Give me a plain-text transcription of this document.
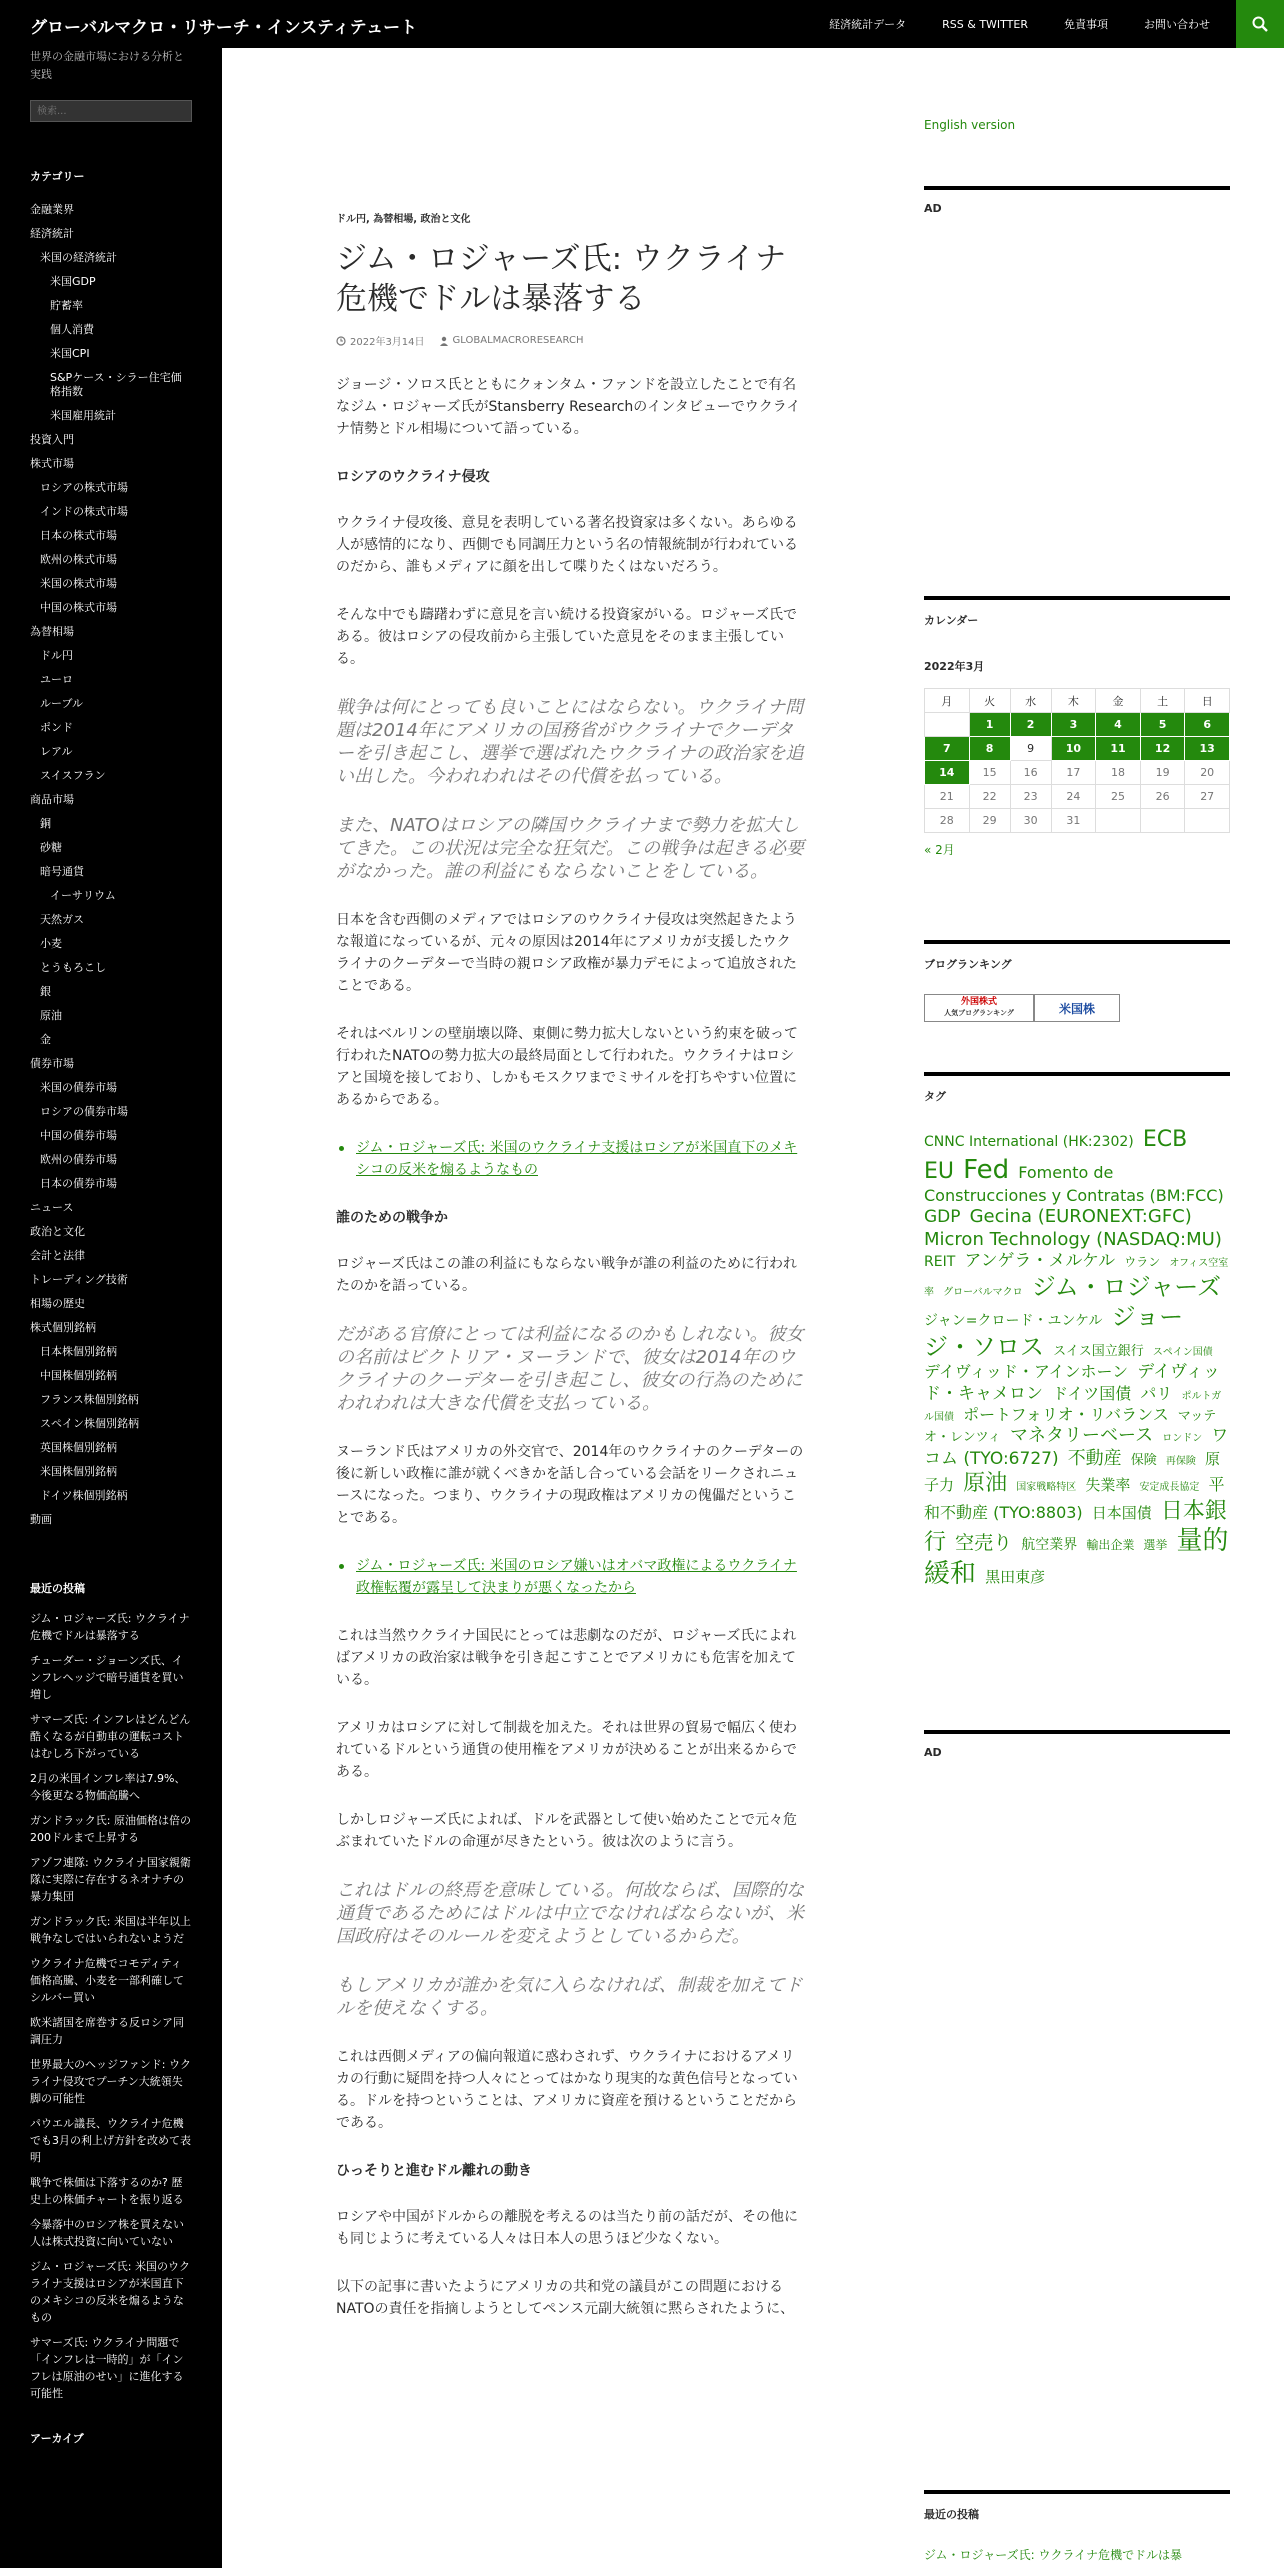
グローバルマクロ・リサーチ・インスティテュート	経済統計データ	RSS & TWITTER	免責事項	お問い合わせ
世界の金融市場における分析と実践
検索...
カテゴリー
金融業界
経済統計
米国の経済統計
米国GDP
貯蓄率
個人消費
米国CPI
S&Pケース・シラー住宅価格指数
米国雇用統計
投資入門
株式市場
ロシアの株式市場
インドの株式市場
日本の株式市場
欧州の株式市場
米国の株式市場
中国の株式市場
為替相場
ドル円
ユーロ
ルーブル
ポンド
レアル
スイスフラン
商品市場
銅
砂糖
暗号通貨
イーサリウム
天然ガス
小麦
とうもろこし
銀
原油
金
債券市場
米国の債券市場
ロシアの債券市場
中国の債券市場
欧州の債券市場
日本の債券市場
ニュース
政治と文化
会計と法律
トレーディング技術
相場の歴史
株式個別銘柄
日本株個別銘柄
中国株個別銘柄
フランス株個別銘柄
スペイン株個別銘柄
英国株個別銘柄
米国株個別銘柄
ドイツ株個別銘柄
動画
最近の投稿
ジム・ロジャーズ氏: ウクライナ危機でドルは暴落する
チューダー・ジョーンズ氏、インフレヘッジで暗号通貨を買い増し
サマーズ氏: インフレはどんどん酷くなるが自動車の運転コストはむしろ下がっている
2月の米国インフレ率は7.9%、今後更なる物価高騰へ
ガンドラック氏: 原油価格は倍の200ドルまで上昇する
アゾフ連隊: ウクライナ国家親衛隊に実際に存在するネオナチの暴力集団
ガンドラック氏: 米国は半年以上戦争なしではいられないようだ
ウクライナ危機でコモディティ価格高騰、小麦を一部利確してシルバー買い
欧米諸国を席巻する反ロシア同調圧力
世界最大のヘッジファンド: ウクライナ侵攻でプーチン大統領失脚の可能性
パウエル議長、ウクライナ危機でも3月の利上げ方針を改めて表明
戦争で株価は下落するのか? 歴史上の株価チャートを振り返る
今暴落中のロシア株を買えない人は株式投資に向いていない
ジム・ロジャーズ氏: 米国のウクライナ支援はロシアが米国直下のメキシコの反米を煽るようなもの
サマーズ氏: ウクライナ問題で「インフレは一時的」が「インフレは原油のせい」に進化する可能性
アーカイブ
ドル円, 為替相場, 政治と文化
ジム・ロジャーズ氏: ウクライナ危機でドルは暴落する
2022年3月14日	GLOBALMACRORESEARCH
ジョージ・ソロス氏とともにクォンタム・ファンドを設立したことで有名なジム・ロジャーズ氏がStansberry Researchのインタビューでウクライナ情勢とドル相場について語っている。
ロシアのウクライナ侵攻
ウクライナ侵攻後、意見を表明している著名投資家は多くない。あらゆる人が感情的になり、西側でも同調圧力という名の情報統制が行われているのだから、誰もメディアに顔を出して喋りたくはないだろう。
そんな中でも躊躇わずに意見を言い続ける投資家がいる。ロジャーズ氏である。彼はロシアの侵攻前から主張していた意見をそのまま主張している。
戦争は何にとっても良いことにはならない。ウクライナ問題は2014年にアメリカの国務省がウクライナでクーデターを引き起こし、選挙で選ばれたウクライナの政治家を追い出した。今われわれはその代償を払っている。
また、NATOはロシアの隣国ウクライナまで勢力を拡大してきた。この状況は完全な狂気だ。この戦争は起きる必要がなかった。誰の利益にもならないことをしている。
日本を含む西側のメディアではロシアのウクライナ侵攻は突然起きたような報道になっているが、元々の原因は2014年にアメリカが支援したウクライナのクーデターで当時の親ロシア政権が暴力デモによって追放されたことである。
それはベルリンの壁崩壊以降、東側に勢力拡大しないという約束を破って行われたNATOの勢力拡大の最終局面として行われた。ウクライナはロシアと国境を接しており、しかもモスクワまでミサイルを打ちやすい位置にあるからである。
ジム・ロジャーズ氏: 米国のウクライナ支援はロシアが米国直下のメキシコの反米を煽るようなもの
誰のための戦争か
ロジャーズ氏はこの誰の利益にもならない戦争が誰の利益のために行われたのかを語っている。
だがある官僚にとっては利益になるのかもしれない。彼女の名前はビクトリア・ヌーランドで、彼女は2014年のウクライナのクーデターを引き起こし、彼女の行為のためにわれわれは大きな代償を支払っている。
ヌーランド氏はアメリカの外交官で、2014年のウクライナのクーデターの後に新しい政権に誰が就くべきかを話し合っている会話をリークされニュースになった。つまり、ウクライナの現政権はアメリカの傀儡だということである。
ジム・ロジャーズ氏: 米国のロシア嫌いはオバマ政権によるウクライナ政権転覆が露呈して決まりが悪くなったから
これは当然ウクライナ国民にとっては悲劇なのだが、ロジャーズ氏によればアメリカの政治家は戦争を引き起こすことでアメリカにも危害を加えている。
アメリカはロシアに対して制裁を加えた。それは世界の貿易で幅広く使われているドルという通貨の使用権をアメリカが決めることが出来るからである。
しかしロジャーズ氏によれば、ドルを武器として使い始めたことで元々危ぶまれていたドルの命運が尽きたという。彼は次のように言う。
これはドルの終焉を意味している。何故ならば、国際的な通貨であるためにはドルは中立でなければならないが、米国政府はそのルールを変えようとしているからだ。
もしアメリカが誰かを気に入らなければ、制裁を加えてドルを使えなくする。
これは西側メディアの偏向報道に惑わされず、ウクライナにおけるアメリカの行動に疑問を持つ人々にとってはかなり現実的な黄色信号となっている。ドルを持つということは、アメリカに資産を預けるということだからである。
ひっそりと進むドル離れの動き
ロシアや中国がドルからの離脱を考えるのは当たり前の話だが、その他にも同じように考えている人々は日本人の思うほど少なくない。
以下の記事に書いたようにアメリカの共和党の議員がこの問題におけるNATOの責任を指摘しようとしてペンス元副大統領に黙らされたように、
English version
AD
カレンダー
2022年3月
月	火	水	木	金	土	日
	1	2	3	4	5	6
7	8	9	10	11	12	13
14	15	16	17	18	19	20
21	22	23	24	25	26	27
28	29	30	31			
« 2月
ブログランキング
外国株式
人気ブログランキング	米国株
タグ
CNNC International (HK:2302) ECB EU Fed Fomento de Construcciones y Contratas (BM:FCC) GDP Gecina (EURONEXT:GFC) Micron Technology (NASDAQ:MU) REIT アンゲラ・メルケル ウラン オフィス空室率 グローバルマクロ ジム・ロジャーズ ジャン=クロード・ユンケル ジョージ・ソロス スイス国立銀行 スペイン国債 デイヴィッド・アインホーン デイヴィッド・キャメロン ドイツ国債 パリ ポルトガル国債 ポートフォリオ・リバランス マッテオ・レンツィ マネタリーベース ロンドン ワコム (TYO:6727) 不動産 保険 再保険 原子力 原油 国家戦略特区 失業率 安定成長協定 平和不動産 (TYO:8803) 日本国債 日本銀行 空売り 航空業界 輸出企業 選挙 量的緩和 黒田東彦
AD
最近の投稿
ジム・ロジャーズ氏: ウクライナ危機でドルは暴
